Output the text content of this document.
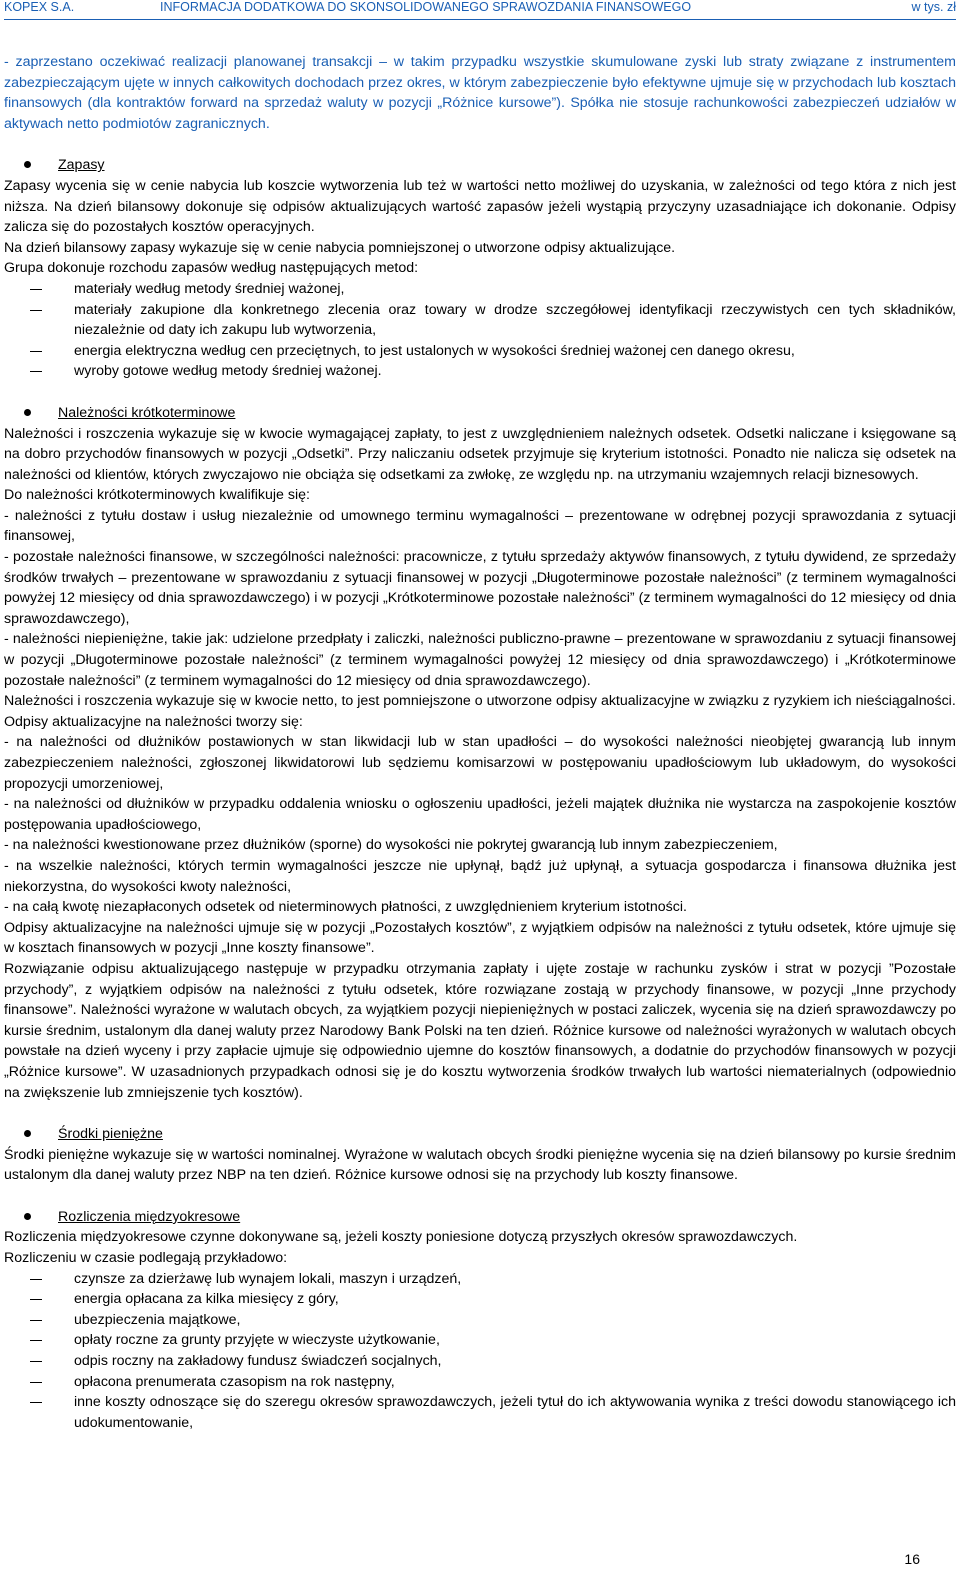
KOPEX S.A.	INFORMACJA DODATKOWA DO SKONSOLIDOWANEGO SPRAWOZDANIA FINANSOWEGO	w tys. zł

- zaprzestano oczekiwać realizacji planowanej transakcji – w takim przypadku wszystkie skumulowane zyski lub straty związane z instrumentem zabezpieczającym ujęte w innych całkowitych dochodach przez okres, w którym zabezpieczenie było efektywne ujmuje się w przychodach lub kosztach finansowych (dla kontraktów forward na sprzedaż waluty w pozycji „Różnice kursowe”). Spółka nie stosuje rachunkowości zabezpieczeń udziałów w aktywach netto podmiotów zagranicznych.

Zapasy

Zapasy wycenia się w cenie nabycia lub koszcie wytworzenia lub też w wartości netto możliwej do uzyskania, w zależności od tego która z nich jest niższa. Na dzień bilansowy dokonuje się odpisów aktualizujących wartość zapasów jeżeli wystąpią przyczyny uzasadniające ich dokonanie. Odpisy zalicza się do pozostałych kosztów operacyjnych.

Na dzień bilansowy zapasy wykazuje się w cenie nabycia pomniejszonej o utworzone odpisy aktualizujące.

Grupa dokonuje rozchodu zapasów według następujących metod:

materiały według metody średniej ważonej,

materiały zakupione dla konkretnego zlecenia oraz towary w drodze szczegółowej identyfikacji rzeczywistych cen tych składników, niezależnie od daty ich zakupu lub wytworzenia,

energia elektryczna według cen przeciętnych, to jest ustalonych w wysokości średniej ważonej cen danego okresu,

wyroby gotowe według metody średniej ważonej.

Należności krótkoterminowe

Należności i roszczenia wykazuje się w kwocie wymagającej zapłaty, to jest z uwzględnieniem należnych odsetek. Odsetki naliczane i księgowane są na dobro przychodów finansowych w pozycji „Odsetki”. Przy naliczaniu odsetek przyjmuje się kryterium istotności. Ponadto nie nalicza się odsetek na należności od klientów, których zwyczajowo nie obciąża się odsetkami za zwłokę, ze względu np. na utrzymaniu wzajemnych relacji biznesowych.

Do należności krótkoterminowych kwalifikuje się:

- należności z tytułu dostaw i usług niezależnie od umownego terminu wymagalności – prezentowane w odrębnej pozycji sprawozdania z sytuacji finansowej,

- pozostałe należności finansowe, w szczególności należności: pracownicze, z tytułu sprzedaży aktywów finansowych, z tytułu dywidend, ze sprzedaży środków trwałych – prezentowane w sprawozdaniu z sytuacji finansowej w pozycji „Długoterminowe pozostałe należności” (z terminem wymagalności powyżej 12 miesięcy od dnia sprawozdawczego) i w pozycji „Krótkoterminowe pozostałe należności” (z terminem wymagalności do 12 miesięcy od dnia sprawozdawczego),

- należności niepieniężne, takie jak: udzielone przedpłaty i zaliczki, należności publiczno-prawne – prezentowane w sprawozdaniu z sytuacji finansowej w pozycji „Długoterminowe pozostałe należności” (z terminem wymagalności powyżej 12 miesięcy od dnia sprawozdawczego) i „Krótkoterminowe pozostałe należności” (z terminem wymagalności do 12 miesięcy od dnia sprawozdawczego).

Należności i roszczenia wykazuje się w kwocie netto, to jest pomniejszone o utworzone odpisy aktualizacyjne w związku z ryzykiem ich nieściągalności.

Odpisy aktualizacyjne na należności tworzy się:

- na należności od dłużników postawionych w stan likwidacji lub w stan upadłości – do wysokości należności nieobjętej gwarancją lub innym zabezpieczeniem należności, zgłoszonej likwidatorowi lub sędziemu komisarzowi w postępowaniu upadłościowym lub układowym, do wysokości propozycji umorzeniowej,

- na należności od dłużników w przypadku oddalenia wniosku o ogłoszeniu upadłości, jeżeli majątek dłużnika nie wystarcza na zaspokojenie kosztów postępowania upadłościowego,

- na należności kwestionowane przez dłużników (sporne) do wysokości nie pokrytej gwarancją lub innym zabezpieczeniem,

- na wszelkie należności, których termin wymagalności jeszcze nie upłynął, bądź już upłynął, a sytuacja gospodarcza i finansowa dłużnika jest niekorzystna, do wysokości kwoty należności,

- na całą kwotę niezapłaconych odsetek od nieterminowych płatności, z uwzględnieniem kryterium istotności.

Odpisy aktualizacyjne na należności ujmuje się w pozycji „Pozostałych kosztów”, z wyjątkiem odpisów na należności z tytułu odsetek, które ujmuje się w kosztach finansowych w pozycji „Inne koszty finansowe”.

Rozwiązanie odpisu aktualizującego następuje w przypadku otrzymania zapłaty i ujęte zostaje w rachunku zysków i strat w pozycji ”Pozostałe przychody”, z wyjątkiem odpisów na należności z tytułu odsetek, które rozwiązane zostają w przychody finansowe, w pozycji „Inne przychody finansowe”. Należności wyrażone w walutach obcych, za wyjątkiem pozycji niepieniężnych w postaci zaliczek, wycenia się na dzień sprawozdawczy po kursie średnim, ustalonym dla danej waluty przez Narodowy Bank Polski na ten dzień. Różnice kursowe od należności wyrażonych w walutach obcych powstałe na dzień wyceny i przy zapłacie ujmuje się odpowiednio ujemne do kosztów finansowych, a dodatnie do przychodów finansowych w pozycji „Różnice kursowe”. W uzasadnionych przypadkach odnosi się je do kosztu wytworzenia środków trwałych lub wartości niematerialnych (odpowiednio na zwiększenie lub zmniejszenie tych kosztów).

Środki pieniężne

Środki pieniężne wykazuje się w wartości nominalnej. Wyrażone w walutach obcych środki pieniężne wycenia się na dzień bilansowy po kursie średnim ustalonym dla danej waluty przez NBP na ten dzień. Różnice kursowe odnosi się na przychody lub koszty finansowe.

Rozliczenia międzyokresowe

Rozliczenia międzyokresowe czynne dokonywane są, jeżeli koszty poniesione dotyczą przyszłych okresów sprawozdawczych.

Rozliczeniu w czasie podlegają przykładowo:

czynsze za dzierżawę lub wynajem lokali, maszyn i urządzeń,

energia opłacana za kilka miesięcy z góry,

ubezpieczenia majątkowe,

opłaty roczne za grunty przyjęte w wieczyste użytkowanie,

odpis roczny na zakładowy fundusz świadczeń socjalnych,

opłacona prenumerata czasopism na rok następny,

inne koszty odnoszące się do szeregu okresów sprawozdawczych, jeżeli tytuł do ich aktywowania wynika z treści dowodu stanowiącego ich udokumentowanie,

16
